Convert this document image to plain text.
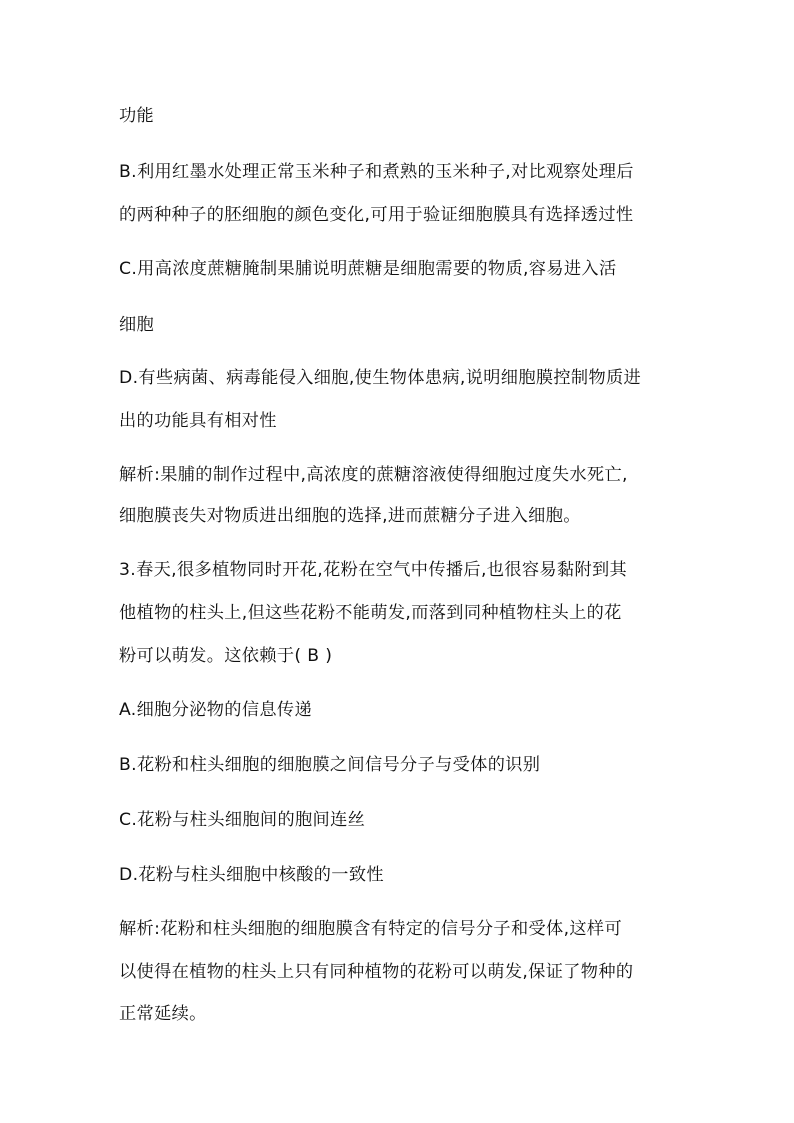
功能
B.利用红墨水处理正常玉米种子和煮熟的玉米种子,对比观察处理后
的两种种子的胚细胞的颜色变化,可用于验证细胞膜具有选择透过性
C.用高浓度蔗糖腌制果脯说明蔗糖是细胞需要的物质,容易进入活
细胞
D.有些病菌、病毒能侵入细胞,使生物体患病,说明细胞膜控制物质进
出的功能具有相对性
解析:果脯的制作过程中,高浓度的蔗糖溶液使得细胞过度失水死亡,
细胞膜丧失对物质进出细胞的选择,进而蔗糖分子进入细胞。
3.春天,很多植物同时开花,花粉在空气中传播后,也很容易黏附到其
他植物的柱头上,但这些花粉不能萌发,而落到同种植物柱头上的花
粉可以萌发。这依赖于( B )
A.细胞分泌物的信息传递
B.花粉和柱头细胞的细胞膜之间信号分子与受体的识别
C.花粉与柱头细胞间的胞间连丝
D.花粉与柱头细胞中核酸的一致性
解析:花粉和柱头细胞的细胞膜含有特定的信号分子和受体,这样可
以使得在植物的柱头上只有同种植物的花粉可以萌发,保证了物种的
正常延续。
